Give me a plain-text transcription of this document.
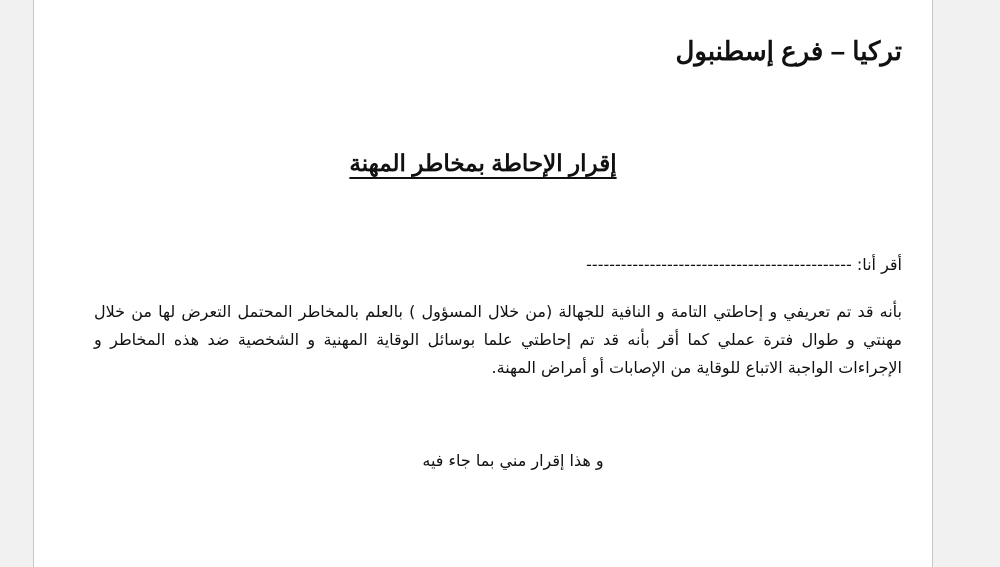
تركيا – فرع إسطنبول
إقرار الإحاطة بمخاطر المهنة
أقر أنا: ----------------------------------------------
بأنه قد تم تعريفي و إحاطتي التامة و النافية للجهالة (من خلال المسؤول ) بالعلم بالمخاطر المحتمل التعرض لها من خلال مهنتي و طوال فترة عملي كما أقر بأنه قد تم إحاطتي علما بوسائل الوقاية المهنية و الشخصية ضد هذه المخاطر و الإجراءات الواجبة الاتباع للوقاية من الإصابات أو أمراض المهنة.
و هذا إقرار مني بما جاء فيه
